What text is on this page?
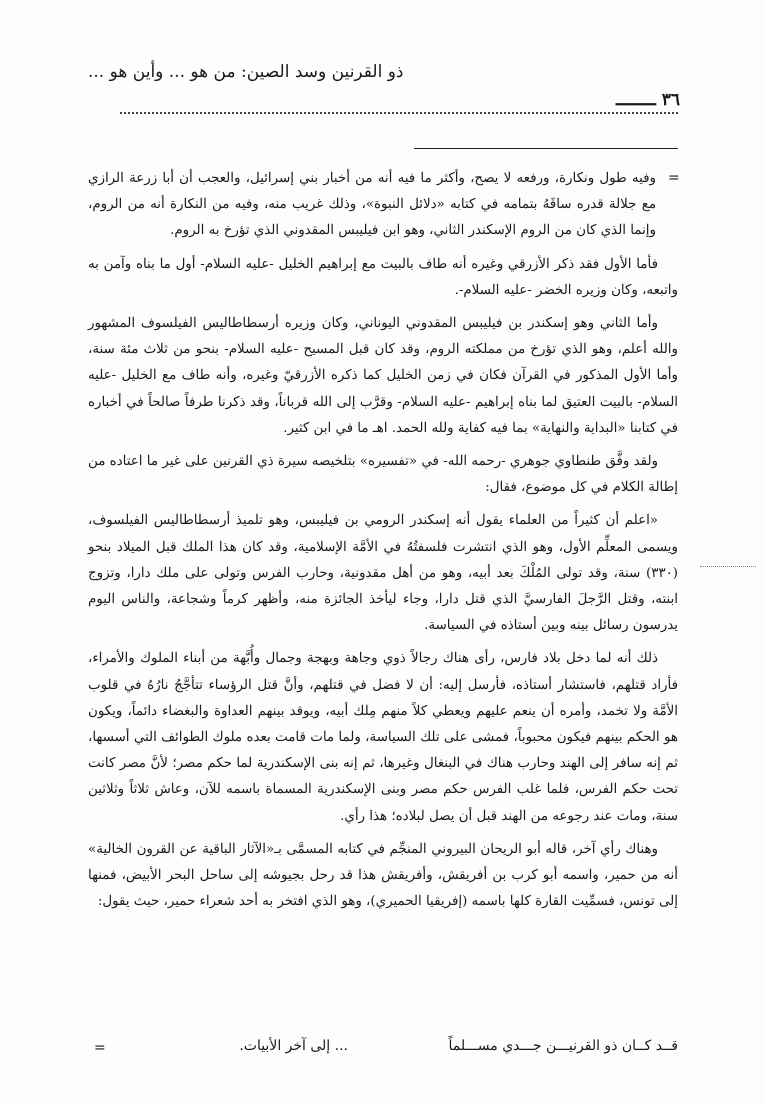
ذو القرنين وسد الصين: من هو ... وأين هو ...
٣٦ ــــــــ
=

وفيه طول ونكارة، ورفعه لا يصح، وأكثر ما فيه أنه من أخبار بني إسرائيل، والعجب أن أبا زرعة الرازي مع جلالة قدره ساقَهُ بتمامه في كتابه «دلائل النبوة»، وذلك غريب منه، وفيه من النكارة أنه من الروم، وإنما الذي كان من الروم الإسكندر الثاني، وهو ابن فيليبس المقدوني الذي تؤرخ به الروم.

فأما الأول فقد ذكر الأزرقي وغيره أنه طاف بالبيت مع إبراهيم الخليل -عليه السلام- أول ما بناه وآمن به واتبعه، وكان وزيره الخضر -عليه السلام-.

وأما الثاني وهو إسكندر بن فيليبس المقدوني اليوناني، وكان وزيره أرسطاطاليس الفيلسوف المشهور والله أعلم، وهو الذي تؤرخ من مملكته الروم، وقد كان قبل المسيح -عليه السلام- بنحو من ثلاث مئة سنة، وأما الأول المذكور في القرآن فكان في زمن الخليل كما ذكره الأزرقيّ وغيره، وأنه طاف مع الخليل -عليه السلام- بالبيت العتيق لما بناه إبراهيم -عليه السلام- وقرَّب إلى الله قرباناً، وقد ذكرنا طرفاً صالحاً في أخباره في كتابنا «البداية والنهاية» بما فيه كفاية ولله الحمد. اهـ ما في ابن كثير.

ولقد وفَّق طنطاوي جوهري -رحمه الله- في «تفسيره» بتلخيصه سيرة ذي القرنين على غير ما اعتاده من إطالة الكلام في كل موضوع، فقال:

«اعلم أن كثيراً من العلماء يقول أنه إسكندر الرومي بن فيليبس، وهو تلميذ أرسطاطاليس الفيلسوف، ويسمى المعلِّم الأول، وهو الذي انتشرت فلسفتُهُ في الأمَّة الإسلامية، وقد كان هذا الملك قبل الميلاد بنحو (٣٣٠) سنة، وقد تولى المُلْكَ بعد أبيه، وهو من أهل مقدونية، وحارب الفرس وتولى على ملك دارا، وتزوج ابنته، وقتل الرَّجلَ الفارسيَّ الذي قتل دارا، وجاء ليأخذ الجائزة منه، وأظهر كرماً وشجاعة، والناس اليوم يدرسون رسائل بينه وبين أستاذه في السياسة.

ذلك أنه لما دخل بلاد فارس، رأى هناك رجالاً ذوي وجاهة وبهجة وجمال وأُبَّهة من أبناء الملوك والأمراء، فأراد قتلهم، فاستشار أستاذه، فأرسل إليه: أن لا فضل في قتلهم، وأنَّ قتل الرؤساء تتأجَّجُ نارُهُ في قلوب الأمَّة ولا تخمد، وأمره أن ينعم عليهم ويعطي كلاً منهم مِلك أبيه، ويوقد بينهم العداوة والبغضاء دائماً، ويكون هو الحكم بينهم فيكون محبوباً، فمشى على تلك السياسة، ولما مات قامت بعده ملوك الطوائف التي أسسها، ثم إنه سافر إلى الهند وحارب هناك في البنغال وغيرها، ثم إنه بنى الإسكندرية لما حكم مصر؛ لأنَّ مصر كانت تحت حكم الفرس، فلما غلب الفرس حكم مصر وبنى الإسكندرية المسماة باسمه للآن، وعاش ثلاثاً وثلاثين سنة، ومات عند رجوعه من الهند قبل أن يصل لبلاده؛ هذا رأي.

وهناك رأي آخر، قاله أبو الريحان البيروني المنجِّم في كتابه المسمَّى بـ«الآثار الباقية عن القرون الخالية» أنه من حمير، واسمه أبو كرب بن أفريقش، وأفريقش هذا قد رحل بجيوشه إلى ساحل البحر الأبيض، فمنها إلى تونس، فسمِّيت القارة كلها باسمه (إفريقيا الحميري)، وهو الذي افتخر به أحد شعراء حمير، حيث يقول:

قــد كــان ذو القرنيـــن جـــدي مســـلماً
... إلى آخر الأبيات.
=
